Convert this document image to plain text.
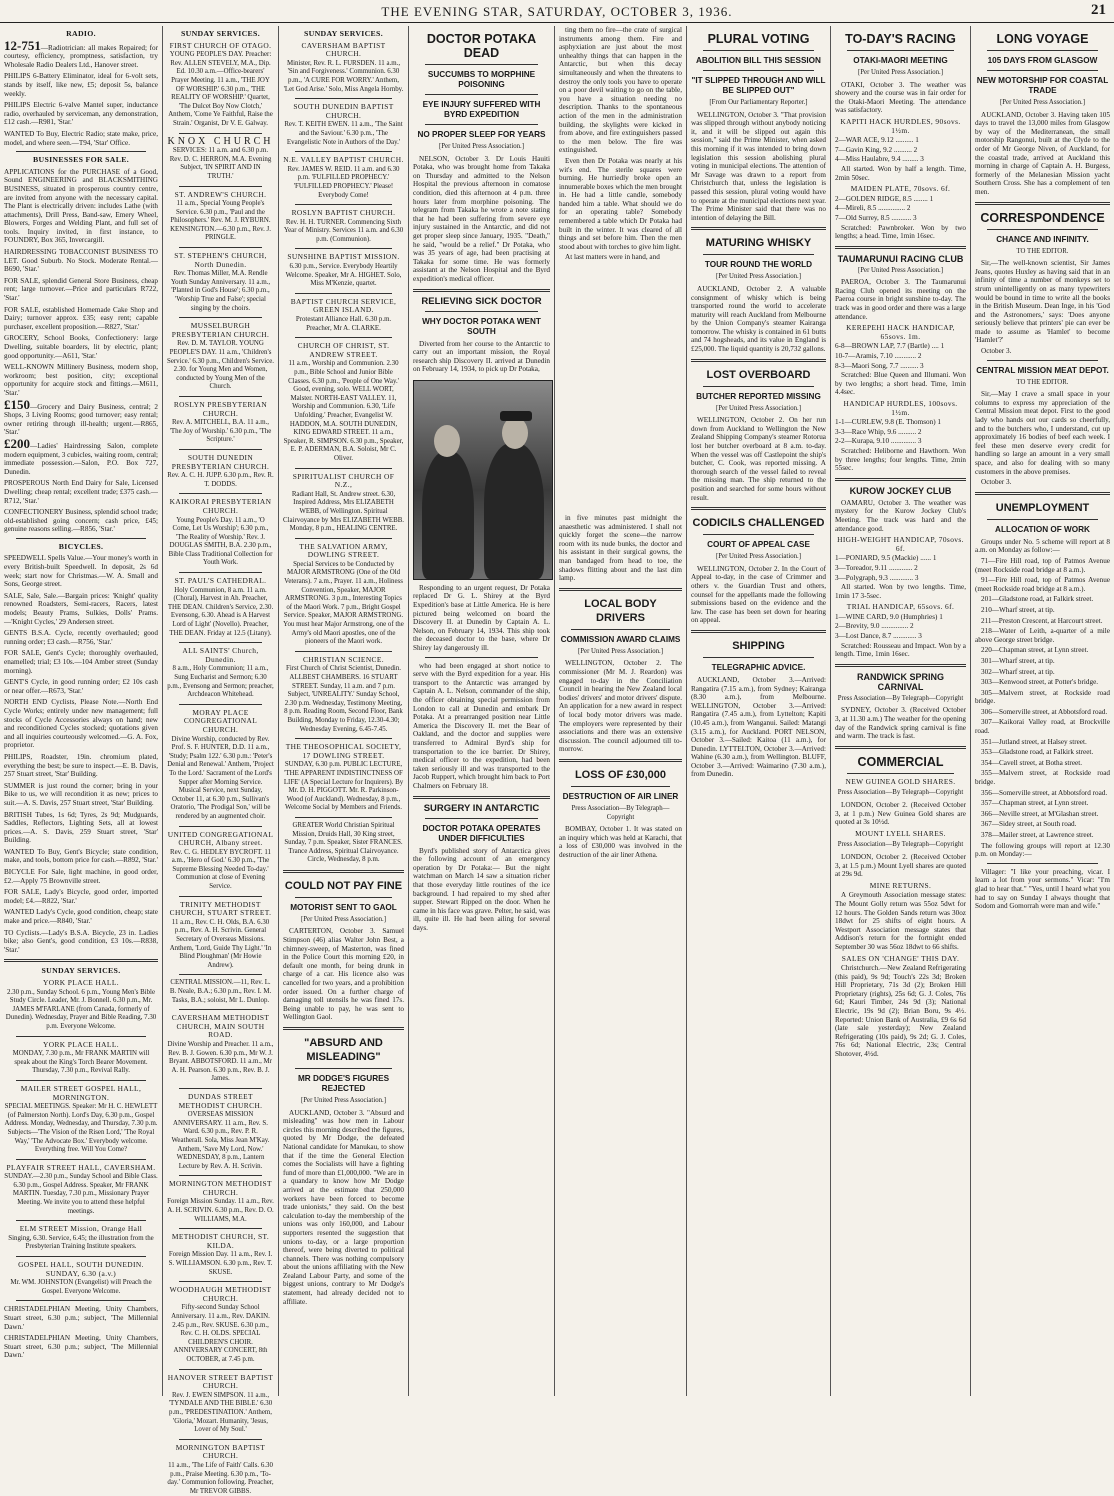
THE EVENING STAR, SATURDAY, OCTOBER 3, 1936.	21
RADIO.
12-751—Radiotrician: all makes Repaired; for courtesy, efficiency, promptness, satisfaction, try Wholesale Radio Dealers Ltd., Hanover street.
PHILIPS 6-Battery Eliminator, ideal for 6-volt sets, stands by itself, like new, £5; deposit 5s, balance weekly.
PHILIPS Electric 6-valve Mantel super, inductance radio, overhauled by serviceman, any demonstration, £12 cash.—R981, 'Star.'
WANTED To Buy, Electric Radio; state make, price, model, and where seen.—T94, 'Star' Office.
BUSINESSES FOR SALE.
APPLICATIONS for the PURCHASE of a Good, Sound ENGINEERING and BLACKSMITHING BUSINESS, situated in prosperous country centre, are invited from anyone with the necessary capital. The Plant is electrically driven: includes Lathe (with attachments), Drill Press, Band-saw, Emery Wheel, Blowers, Forges and Welding Plant, and full set of tools. Inquiry invited, in first instance, to FOUNDRY, Box 365, Invercargill.
HAIRDRESSING TOBACCONIST BUSINESS TO LET. Good Suburb. No Stock. Moderate Rental.—B690, 'Star.'
FOR SALE, splendid General Store Business, cheap rent; large turnover.—Price and particulars R722, 'Star.'
FOR SALE, established Homemade Cake Shop and Dairy; turnover approx. £35; easy rent; capable purchaser, excellent proposition.—R827, 'Star.'
GROCERY, School Books, Confectionery: large Dwelling, suitable boarders, lit by electric, plant; good opportunity.—A611, 'Star.'
WELL-KNOWN Millinery Business, modern shop, workroom; best position, city; exceptional opportunity for acquire stock and fittings.—M611, 'Star.'
£150—Grocery and Dairy Business, central; 2 Shops, 3 Living Rooms; good turnover; easy rental; owner retiring through ill-health; urgent.—R865, 'Star.'
£200—Ladies' Hairdressing Salon, complete modern equipment, 3 cubicles, waiting room, central; immediate possession.—Salon, P.O. Box 727, Dunedin.
PROSPEROUS North End Dairy for Sale, Licensed Dwelling; cheap rental; excellent trade; £375 cash.—R712, 'Star.'
CONFECTIONERY Business, splendid school trade; old-established going concern; cash price, £45; genuine reasons selling.—R856, 'Star.'
BICYCLES.
SPEEDWELL Spells Value.—Your money's worth in every British-built Speedwell. In deposit, 2s 6d week; start now for Christmas.—W. A. Small and Sons, George street.
SALE, Sale, Sale.—Bargain prices: 'Knight' quality renowned Roadsters, Semi-racers, Racers, latest models; Beauty Prams, Sulkies, Dolls' Prams.—'Knight Cycles,' 29 Andersen street.
GENTS B.S.A. Cycle, recently overhauled; good running order; £3 cash.—R756, 'Star.'
FOR SALE, Gent's Cycle; thoroughly overhauled, enamelled; trial; £3 10s.—104 Amber street (Sunday morning).
GENT'S Cycle, in good running order; £2 10s cash or near offer.—R673, 'Star.'
NORTH END Cyclists, Please Note.—North End Cycle Works; entirely under new management; full stocks of Cycle Accessories always on hand; new and reconditioned Cycles stocked; quotations given and all inquiries courteously welcomed.—G. A. Fox, proprietor.
PHILIPS, Roadster, 19in. chromium plated, everything the best; be sure to inspect.—E. B. Davis, 257 Stuart street, 'Star' Building.
SUMMER is just round the corner; bring in your Bike to us, we will recondition it as new; prices to suit.—A. S. Davis, 257 Stuart street, 'Star' Building.
BRITISH Tubes, 1s 6d; Tyres, 2s 9d; Mudguards, Saddles, Reflectors, Lighting Sets, all at lowest prices.—A. S. Davis, 259 Stuart street, 'Star' Building.
WANTED To Buy, Gent's Bicycle; state condition, make, and tools, bottom price for cash.—R892, 'Star.'
BICYCLE For Sale, light machine, in good order, £2.—Apply 75 Brownville street.
FOR SALE, Lady's Bicycle, good order, imported model; £4.—R822, 'Star.'
WANTED Lady's Cycle, good condition, cheap; state make and price.—R840, 'Star.'
TO Cyclists.—Lady's B.S.A. Bicycle, 23 in. Ladies bike; also Gent's, good condition, £3 10s.—R838, 'Star.'
SUNDAY SERVICES.
YORK PLACE HALL.
2.30 p.m., Sunday School. 6 p.m., Young Men's Bible Study Circle. Leader, Mr. J. Bonnell. 6.30 p.m., Mr. JAMES M'FARLANE (from Canada, formerly of Dunedin). Wednesday, Prayer and Bible Reading, 7.30 p.m. Everyone Welcome.
YORK PLACE HALL.
MONDAY, 7.30 p.m., Mr FRANK MARTIN will speak about the King's Torch Bearer Movement. Thursday, 7.30 p.m., Revival Rally.
MAILER STREET GOSPEL HALL, MORNINGTON.
SPECIAL MEETINGS. Speaker: Mr H. C. HEWLETT (of Palmerston North). Lord's Day, 6.30 p.m., Gospel Address. Monday, Wednesday, and Thursday, 7.30 p.m. Subjects—'The Vision of the Risen Lord,' 'The Royal Way,' 'The Advocate Box.' Everybody welcome. Everything free. Will You Come?
PLAYFAIR STREET HALL, CAVERSHAM.
SUNDAY.—2.30 p.m., Sunday School and Bible Class. 6.30 p.m., Gospel Address. Speaker, Mr FRANK MARTIN. Tuesday, 7.30 p.m., Missionary Prayer Meeting. We invite you to attend these helpful meetings.
ELM STREET Mission, Orange Hall
Singing, 6.30. Service, 6.45; the illustration from the Presbyterian Training Institute speakers.
GOSPEL HALL, SOUTH DUNEDIN. SUNDAY, 6.30 (a.v.)
Mr. WM. JOHNSTON (Evangelist) will Preach the Gospel. Everyone Welcome.
CHRISTADELPHIAN Meeting, Unity Chambers, Stuart street, 6.30 p.m.; subject, 'The Millennial Dawn.'
CHRISTADELPHIAN Meeting, Unity Chambers, Stuart street, 6.30 p.m.; subject, 'The Millennial Dawn.'
SUNDAY SERVICES.
FIRST CHURCH OF OTAGO.
YOUNG PEOPLE'S DAY. Preacher: Rev. ALLEN STEVELY, M.A., Dip. Ed. 10.30 a.m.—Office-bearers' Prayer Meeting. 11 a.m., 'THE JOY OF WORSHIP.' 6.30 p.m., 'THE REALITY OF WORSHIP.' Quartet, 'The Dulcet Boy Now Clotch,' Anthem, 'Come Ye Faithful, Raise the Strain.' Organist, Dr V. E. Galway.
KNOX CHURCH
SERVICES: 11 a.m. and 6.30 p.m. Rev. D. C. HERRON, M.A. Evening Subject, 'IN SPIRIT AND IN TRUTH.'
ST. ANDREW'S CHURCH.
11 a.m., Special Young People's Service. 6.30 p.m., 'Paul and the Philosophers.' Rev. M. J. RYBURN. KENSINGTON.—6.30 p.m., Rev. J. PRINGLE.
ST. STEPHEN'S CHURCH, North Dunedin.
Rev. Thomas Miller, M.A. Rendle Youth Sunday Anniversary. 11 a.m., 'Planted in God's House'; 6.30 p.m., 'Worship True and False'; special singing by the choirs.
MUSSELBURGH PRESBYTERIAN CHURCH.
Rev. D. M. TAYLOR. YOUNG PEOPLE'S DAY. 11 a.m., 'Children's Service.' 6.30 p.m., Children's Service. 2.30. for Young Men and Women, conducted by Young Men of the Church.
ROSLYN PRESBYTERIAN CHURCH.
Rev. A. MITCHELL, B.A. 11 a.m., 'The Joy of Worship.' 6.30 p.m., 'The Scripture.'
SOUTH DUNEDIN PRESBYTERIAN CHURCH.
Rev. A. C. H. JUPP. 6.30 p.m., Rev. R. T. DODDS.
KAIKORAI PRESBYTERIAN CHURCH.
Young People's Day. 11 a.m., 'O Come, Let Us Worship'; 6.30 p.m., 'The Reality of Worship.' Rev. J. DOUGLAS SMITH, B.A. 2.30 p.m., Bible Class Traditional Collection for Youth Work.
ST. PAUL'S CATHEDRAL.
Holy Communion, 8 a.m. 11 a.m. (Choral), Harvest in Ah. Preacher, THE DEAN. Children's Service, 2.30. Evensong, 6.30. Ahead is A Harvest Lord of Light' (Novello). Preacher, THE DEAN. Friday at 12.5 (Litany).
ALL SAINTS' Church, Dunedin.
8 a.m., Holy Communion; 11 a.m., Sung Eucharist and Sermon; 6.30 p.m., Evensong and Sermon; preacher, Archdeacon Whitehead.
MORAY PLACE CONGREGATIONAL CHURCH.
Divine Worship, conducted by Rev. Prof. S. F. HUNTER, D.D. 11 a.m., 'Study; Psalm 122.' 6.30 p.m.: 'Peter's Denial and Renewal.' Anthem, 'Project To the Lord.' Sacrament of the Lord's Supper after Morning Service. Musical Service, next Sunday, October 11, at 6.30 p.m., Sullivan's Oratorio, 'The Prodigal Son,' will be rendered by an augmented choir.
UNITED CONGREGATIONAL CHURCH, Albany street.
Rev. C. G. HEDLEY BYCROFT. 11 a.m., 'Hero of God.' 6.30 p.m., 'The Supreme Blessing Needed To-day.' Communion at close of Evening Service.
TRINITY METHODIST CHURCH, STUART STREET.
11 a.m., Rev. C. H. Olds, B.A. 6.30 p.m., Rev. A. H. Scrivin. General Secretary of Overseas Missions. Anthem, 'Lord, Guide Thy Light.' 'In Blind Ploughman' (Mr Howie Andrew).
CENTRAL MISSION.—11, Rev. L. B. Neale, B.A.; 6.30 p.m., Rev. I. M. Tasks, B.A.; soloist, Mr L. Dunlop.
CAVERSHAM METHODIST CHURCH, MAIN SOUTH ROAD.
Divine Worship and Preacher. 11 a.m., Rev. B. J. Gowen. 6.30 p.m., Mr W. J. Bryant. ABBOTSFORD. 11 a.m., Mr A. H. Pearson. 6.30 p.m., Rev. B. J. James.
DUNDAS STREET METHODIST CHURCH.
OVERSEAS MISSION ANNIVERSARY. 11 a.m., Rev. S. Ward. 6.30 p.m., Rev. P. R. Weatherall. Sola, Miss Jean M'Kay. Anthem, 'Save My Lord, Now.' WEDNESDAY, 8 p.m., Lantern Lecture by Rev. A. H. Scrivin.
MORNINGTON METHODIST CHURCH.
Foreign Mission Sunday. 11 a.m., Rev. A. H. SCRIVIN. 6.30 p.m., Rev. D. O. WILLIAMS, M.A.
METHODIST CHURCH, ST. KILDA.
Foreign Mission Day. 11 a.m., Rev. I. S. WILLIAMSON. 6.30 p.m., Rev. T. SKUSE.
WOODHAUGH METHODIST CHURCH.
Fifty-second Sunday School Anniversary. 11 a.m., Rev. DAKIN. 2.45 p.m., Rev. SKUSE. 6.30 p.m., Rev. C. H. OLDS. SPECIAL CHILDREN'S CHOIR. ANNIVERSARY CONCERT, 8th OCTOBER, at 7.45 p.m.
HANOVER STREET BAPTIST CHURCH.
Rev. J. EWEN SIMPSON. 11 a.m., 'TYNDALE AND THE BIBLE.' 6.30 p.m., 'PREDESTINATION.' Anthem, 'Gloria,' Mozart. Humanity, 'Jesus, Lover of My Soul.'
MORNINGTON BAPTIST CHURCH.
11 a.m., 'The Life of Faith' Calls. 6.30 p.m., Praise Meeting. 6.30 p.m., 'To-day.' Communion following. Preacher, Mr TREVOR GIBBS.
SUNDAY SERVICES.
CAVERSHAM BAPTIST CHURCH.
Minister, Rev. R. L. FURSDEN. 11 a.m., 'Sin and Forgiveness.' Communion. 6.30 p.m., 'A CURE FOR WORRY.' Anthem, 'Let God Arise.' Solo, Miss Angela Hornby.
SOUTH DUNEDIN BAPTIST CHURCH.
Rev. T. KEITH EWEN. 11 a.m., 'The Saint and the Saviour.' 6.30 p.m., 'The Evangelistic Note in Authors of the Day.'
N.E. VALLEY BAPTIST CHURCH.
Rev. JAMES W. REID. 11 a.m. and 6.30 p.m. 'FULFILLED PROPHECY.' 'FULFILLED PROPHECY.' Please! Everybody Come!
ROSLYN BAPTIST CHURCH.
Rev. H. H. TURNER. Commencing Sixth Year of Ministry. Services 11 a.m. and 6.30 p.m. (Communion).
SUNSHINE BAPTIST MISSION.
6.30 p.m., Service. Everybody Heartily Welcome. Speaker, Mr A. HIGHET. Solo, Miss M'Kenzie, quartet.
BAPTIST CHURCH SERVICE, GREEN ISLAND.
Protestant Alliance Hall. 6.30 p.m. Preacher, Mr A. CLARKE.
CHURCH OF CHRIST, ST. ANDREW STREET.
11 a.m., Worship and Communion. 2.30 p.m., Bible School and Junior Bible Classes. 6.30 p.m., 'People of One Way.' Good, evening, solo. WELL WORT, Malster. NORTH-EAST VALLEY. 11, Worship and Communion. 6.30, 'Life Unfolding.' Preacher, Evangelist W. HADDON, M.A. SOUTH DUNEDIN, KING EDWARD STREET. 11 a.m., Speaker, R. SIMPSON. 6.30 p.m., Speaker, E. P. ADERMAN, B.A. Soloist, Mr C. Oliver.
SPIRITUALIST CHURCH OF N.Z.,
Radiant Hall, St. Andrew street. 6.30, Inspired Address, Mrs ELIZABETH WEBB, of Wellington. Spiritual Clairvoyance by Mrs ELIZABETH WEBB. Monday, 8 p.m., HEALING CENTRE.
THE SALVATION ARMY, DOWLING STREET.
Special Services to be Conducted by MAJOR ARMSTRONG (One of the Old Veterans). 7 a.m., Prayer. 11 a.m., Holiness Convention, Speaker, MAJOR ARMSTRONG. 3 p.m., Interesting Topics of the Maori Work. 7 p.m., Bright Gospel Service. Speaker, MAJOR ARMSTRONG. You must hear Major Armstrong, one of the Army's old Maori apostles, one of the pioneers of the Maori work.
CHRISTIAN SCIENCE.
First Church of Christ Scientist, Dunedin. ALLBEST CHAMBERS. 16 STUART STREET. Sunday, 11 a.m. and 7 p.m. Subject, 'UNREALITY.' Sunday School, 2.30 p.m. Wednesday, Testimony Meeting, 8 p.m. Reading Room, Second Floor, Bank Building, Monday to Friday, 12.30-4.30; Wednesday Evening, 6.45-7.45.
THE THEOSOPHICAL SOCIETY, 17 DOWLING STREET.
SUNDAY, 6.30 p.m. PUBLIC LECTURE, 'THE APPARENT INDISTINCTNESS OF LIFE' (A Special Lecture for Inquirers). By Mr. D. H. PIGGOTT. Mr. R. Parkinson-Wood (of Auckland). Wednesday, 8 p.m., Welcome Social by Members and Friends.
GREATER World Christian Spiritual Mission, Druids Hall, 30 King street, Sunday, 7 p.m. Speaker, Sister FRANCES. Trance Address, Spiritual Clairvoyance. Circle, Wednesday, 8 p.m.
COULD NOT PAY FINE
MOTORIST SENT TO GAOL
[Per United Press Association.]
CARTERTON, October 3. Samuel Stimpson (46) alias Walter John Best, a chimney-sweep, of Masterton, was fined in the Police Court this morning £20, in default one month, for being drunk in charge of a car. His licence also was cancelled for two years, and a prohibition order issued. On a further charge of damaging toll utensils he was fined 17s. Being unable to pay, he was sent to Wellington Gaol.
"ABSURD AND MISLEADING"
MR DODGE'S FIGURES REJECTED
[Per United Press Association.]
AUCKLAND, October 3. "Absurd and misleading" was how men in Labour circles this morning described the figures, quoted by Mr Dodge, the defeated National candidate for Manukau, to show that if the time the General Election comes the Socialists will have a fighting fund of more than £1,000,000. "We are in a quandary to know how Mr Dodge arrived at the estimate that 250,000 workers have been forced to become trade unionists," they said. On the best calculation to-day the membership of the unions was only 160,000, and Labour supporters resented the suggestion that unions to-day, or a large proportion thereof, were being diverted to political channels. There was nothing compulsory about the unions affiliating with the New Zealand Labour Party, and some of the biggest unions, contrary to Mr Dodge's statement, had already decided not to affiliate.
DOCTOR POTAKA DEAD
SUCCUMBS TO MORPHINE POISONING
EYE INJURY SUFFERED WITH BYRD EXPEDITION
NO PROPER SLEEP FOR YEARS
[Per United Press Association.]
NELSON, October 3. Dr Louis Hauiti Potaka, who was brought home from Takaka on Thursday and admitted to the Nelson Hospital the previous afternoon in comatose condition, died this afternoon at 4 p.m. three hours later from morphine poisoning. The telegram from Takaka he wrote a note stating that he had been suffering from severe eye injury sustained in the Antarctic, and did not get proper sleep since January, 1935. "Death," he said, "would be a relief." Dr Potaka, who was 35 years of age, had been practising at Takaka for some time. He was formerly assistant at the Nelson Hospital and the Byrd expedition's medical officer.
RELIEVING SICK DOCTOR
WHY DOCTOR POTAKA WENT SOUTH
Diverted from her course to the Antarctic to carry out an important mission, the Royal research ship Discovery II. arrived at Dunedin on February 14, 1934, to pick up Dr Potaka,
Responding to an urgent request, Dr Potaka replaced Dr G. L. Shirey at the Byrd Expedition's base at Little America. He is here pictured being welcomed on board the Discovery II. at Dunedin by Captain A. L. Nelson, on February 14, 1934. This ship took the deceased doctor to the base, where Dr Shirey lay dangerously ill.
who had been engaged at short notice to serve with the Byrd expedition for a year. His transport to the Antarctic was arranged by Captain A. L. Nelson, commander of the ship, the officer obtaining special permission from London to call at Dunedin and embark Dr Potaka. At a prearranged position near Little America the Discovery II. met the Bear of Oakland, and the doctor and supplies were transferred to Admiral Byrd's ship for transportation to the ice barrier. Dr Shirey, medical officer to the expedition, had been taken seriously ill and was transported to the Jacob Ruppert, which brought him back to Port Chalmers on February 18.
SURGERY IN ANTARCTIC
DOCTOR POTAKA OPERATES UNDER DIFFICULTIES
Byrd's published story of Antarctica gives the following account of an emergency operation by Dr Potaka:— But the night watchman on March 14 saw a situation richer that those everyday little routines of the ice background. I had repaired to my shed after supper. Stewart Ripped on the door. When he came in his face was grave. Pelter, he said, was ill, quite ill. He had been ailing for several days.
ting them no fire—the crate of surgical instruments among them. Fire and asphyxiation are just about the most unhealthy things that can happen in the Antarctic, but when this decay simultaneously and when the threatens to destroy the only tools you have to operate on a poor devil waiting to go on the table, you have a situation needing no description. Thanks to the spontaneous action of the men in the administration building, the skylights were kicked in from above, and fire extinguishers passed to the men below. The fire was extinguished.
Even then Dr Potaka was nearly at his wit's end. The sterile squares were burning. He hurriedly broke open an innumerable boxes which the men brought in. He had a little candle, somebody handed him a table. What should we do for an operating table? Somebody remembered a table which Dr Potaka had built in the winter. It was cleared of all things and set before him. Then the men stood about with torches to give him light.
At last matters were in hand, and
in five minutes past midnight the anaesthetic was administered. I shall not quickly forget the scene—the narrow room with its nude bunks, the doctor and his assistant in their surgical gowns, the man bandaged from head to toe, the shadows flitting about and the last dim lamp.
LOCAL BODY DRIVERS
COMMISSION AWARD CLAIMS
[Per United Press Association.]
WELLINGTON, October 2. The commissioner (Mr M. J. Reardon) was engaged to-day in the Conciliation Council in hearing the New Zealand local bodies' drivers' and motor drivers' dispute. An application for a new award in respect of local body motor drivers was made. The employers were represented by their associations and there was an extensive discussion. The council adjourned till to-morrow.
LOSS OF £30,000
DESTRUCTION OF AIR LINER
Press Association—By Telegraph—Copyright
BOMBAY, October 1. It was stated on an inquiry which was held at Karachi, that a loss of £30,000 was involved in the destruction of the air liner Athena.
PLURAL VOTING
ABOLITION BILL THIS SESSION
"IT SLIPPED THROUGH AND WILL BE SLIPPED OUT"
[From Our Parliamentary Reporter.]
WELLINGTON, October 3. "That provision was slipped through without anybody noticing it, and it will be slipped out again this session," said the Prime Minister, when asked this morning if it was intended to bring down legislation this session abolishing plural voting in municipal elections. The attention of Mr Savage was drawn to a report from Christchurch that, unless the legislation is passed this session, plural voting would have to operate at the municipal elections next year. The Prime Minister said that there was no intention of delaying the Bill.
MATURING WHISKY
TOUR ROUND THE WORLD
[Per United Press Association.]
AUCKLAND, October 2. A valuable consignment of whisky which is being transported round the world to accelerate maturity will reach Auckland from Melbourne by the Union Company's steamer Kairanga tomorrow. The whisky is contained in 61 butts and 74 hogsheads, and its value in England is £25,000. The liquid quantity is 20,732 gallons.
LOST OVERBOARD
BUTCHER REPORTED MISSING
[Per United Press Association.]
WELLINGTON, October 2. On her run down from Auckland to Wellington the New Zealand Shipping Company's steamer Rotorua lost her butcher overboard at 8 a.m. to-day. When the vessel was off Castlepoint the ship's butcher, C. Cook, was reported missing. A thorough search of the vessel failed to reveal the missing man. The ship returned to the position and searched for some hours without result.
CODICILS CHALLENGED
COURT OF APPEAL CASE
[Per United Press Association.]
WELLINGTON, October 2. In the Court of Appeal to-day, in the case of Crimmer and others v. the Guardian Trust and others, counsel for the appellants made the following submissions based on the evidence and the law. The case has been set down for hearing on appeal.
SHIPPING
TELEGRAPHIC ADVICE.
AUCKLAND, October 3.—Arrived: Rangatira (7.15 a.m.), from Sydney; Kairanga (8.30 a.m.), from Melbourne. WELLINGTON, October 3.—Arrived: Rangatira (7.45 a.m.), from Lyttelton; Kapiti (10.45 a.m.), from Wanganui. Sailed: Matangi (3.15 a.m.), for Auckland. PORT NELSON, October 3.—Sailed: Kaitoa (11 a.m.), for Dunedin. LYTTELTON, October 3.—Arrived: Wahine (6.30 a.m.), from Wellington. BLUFF, October 3.—Arrived: Waimarino (7.30 a.m.), from Dunedin.
TO-DAY'S RACING
OTAKI-MAORI MEETING
[Per United Press Association.]
OTAKI, October 3. The weather was showery and the course was in fair order for the Otaki-Maori Meeting. The attendance was satisfactory.
KAPITI HACK HURDLES, 90sovs. 1½m.
2—WAR ACE, 9.12 .......... 1
7—Gavin King, 9.2 .......... 2
4—Miss Haulabre, 9.4 ......... 3
All started. Won by half a length. Time, 2min 50sec.
MAIDEN PLATE, 70sovs. 6f.
2—GOLDEN RIDGE, 8.5 ........ 1
4—Mireli, 8.5 ............... 2
7—Old Surrey, 8.5 ........... 3
Scratched: Pawnbroker. Won by two lengths; a head. Time, 1min 16sec.
TAUMARUNUI RACING CLUB
[Per United Press Association.]
PAEROA, October 3. The Taumarunui Racing Club opened its meeting on the Paeroa course in bright sunshine to-day. The track was in good order and there was a large attendance.
KEREPEHI HACK HANDICAP, 65sovs. 1m.
6-8—BROWN LAP, 7.7 (Bartle) .... 1
10-7—Aramis, 7.10 ............ 2
8-3—Maori Song, 7.7 .......... 3
Scratched: Blue Queen and Illumani. Won by two lengths; a short head. Time, 1min 4.4sec.
HANDICAP HURDLES, 100sovs. 1½m.
1-1—CURLEW, 9.8 (E. Thomson) 1
3-3—Race Whip, 9.6 .......... 2
2-2—Kurapa, 9.10 .............. 3
Scratched: Heliborne and Hawthorn. Won by three lengths; four lengths. Time, 2min 55sec.
KUROW JOCKEY CLUB
OAMARU, October 3. The weather was mystery for the Kurow Jockey Club's Meeting. The track was hard and the attendance good.
HIGH-WEIGHT HANDICAP, 70sovs. 6f.
1—PONIARD, 9.5 (Mackie) ...... 1
3—Toreador, 9.11 ............. 2
3—Polygraph, 9.3 ............. 3
All started. Won by two lengths. Time, 1min 17 3-5sec.
TRIAL HANDICAP, 65sovs. 6f.
1—WINE CARD, 9.0 (Humphries) 1
2—Brevity, 9.0 ............... 2
3—Lost Dance, 8.7 ............. 3
Scratched: Rousseau and Impact. Won by a length. Time, 1min 16sec.
RANDWICK SPRING CARNIVAL
Press Association—By Telegraph—Copyright
SYDNEY, October 3. (Received October 3, at 11.30 a.m.) The weather for the opening day of the Randwick spring carnival is fine and warm. The track is fast.
COMMERCIAL
NEW GUINEA GOLD SHARES.
Press Association—By Telegraph—Copyright
LONDON, October 2. (Received October 3, at 1 p.m.) New Guinea Gold shares are quoted at 3s 10½d.
MOUNT LYELL SHARES.
Press Association—By Telegraph—Copyright
LONDON, October 2. (Received October 3, at 1.5 p.m.) Mount Lyell shares are quoted at 29s 9d.
MINE RETURNS.
A Greymouth Association message states: The Mount Golly return was 55oz 5dwt for 12 hours. The Golden Sands return was 30oz 18dwt for 25 shifts of eight hours. A Westport Association message states that Addison's return for the fortnight ended September 30 was 56oz 18dwt to 66 shifts.
SALES ON 'CHANGE' THIS DAY.
Christchurch.—New Zealand Refrigerating (this paid), 9s 9d; Touch's 22s 3d; Broken Hill Proprietary, 71s 3d (2); Broken Hill Proprietary (rights), 25s 6d; G. J. Coles, 76s 6d; Kauri Timber, 24s 9d (3); National Electric, 19s 9d (2); Brian Boru, 9s 4½. Reported: Union Bank of Australia, £9 6s 6d (late sale yesterday); New Zealand Refrigerating (10s paid), 9s 2d; G. J. Coles, 76s 6d; National Electric, 23s; Central Shotover, 4½d.
LONG VOYAGE
105 DAYS FROM GLASGOW
NEW MOTORSHIP FOR COASTAL TRADE
[Per United Press Association.]
AUCKLAND, October 3. Having taken 105 days to travel the 13,000 miles from Glasgow by way of the Mediterranean, the small motorship Rangonui, built at the Clyde to the order of Mr George Niven, of Auckland, for the coastal trade, arrived at Auckland this morning in charge of Captain A. H. Burgess, formerly of the Melanesian Mission yacht Southern Cross. She has a complement of ten men.
CORRESPONDENCE
CHANCE AND INFINITY.
TO THE EDITOR.
Sir,—The well-known scientist, Sir James Jeans, quotes Huxley as having said that in an infinity of time a number of monkeys set to strum unintelligently on as many typewriters would be bound in time to write all the books in the British Museum. Dean Inge, in his 'God and the Astronomers,' says: 'Does anyone seriously believe that printers' pie can ever be made to assume as 'Hamlet' to become 'Hamlet'?'
October 3.
CENTRAL MISSION MEAT DEPOT.
TO THE EDITOR.
Sir,—May I crave a small space in your columns to express my appreciation of the Central Mission meat depot. First to the good lady who hands out our cards so cheerfully, and to the butchers who, I understand, cut up approximately 16 bodies of beef each week. I feel these men deserve every credit for handling so large an amount in a very small space, and also for dealing with so many customers in the above premises.
October 3.
UNEMPLOYMENT
ALLOCATION OF WORK
Groups under No. 5 scheme will report at 8 a.m. on Monday as follow:—
71—Fire Hill road, top of Patmos Avenue (meet Rockside road bridge at 8 a.m.).
91—Fire Hill road, top of Patmos Avenue (meet Rockside road bridge at 8 a.m.).
201—Gladstone road, at Falkirk street.
210—Wharf street, at tip.
211—Preston Crescent, at Harcourt street.
218—Water of Leith, a-quarter of a mile above George street bridge.
220—Chapman street, at Lynn street.
301—Wharf street, at tip.
302—Wharf street, at tip.
303—Kenwood street, at Potter's bridge.
305—Malvern street, at Rockside road bridge.
306—Somerville street, at Abbotsford road.
307—Kaikorai Valley road, at Brockville road.
351—Jutland street, at Halsey street.
353—Gladstone road, at Falkirk street.
354—Cavell street, at Botha street.
355—Malvern street, at Rockside road bridge.
356—Somerville street, at Abbotsford road.
357—Chapman street, at Lynn street.
366—Neville street, at M'Glashan street.
367—Sidey street, at South road.
378—Mailer street, at Lawrence street.
The following groups will report at 12.30 p.m. on Monday:—
Villager: "I like your preaching, vicar. I learn a lot from your sermons." Vicar: "I'm glad to hear that." "Yes, until I heard what you had to say on Sunday I always thought that Sodom and Gomorrah were man and wife."
